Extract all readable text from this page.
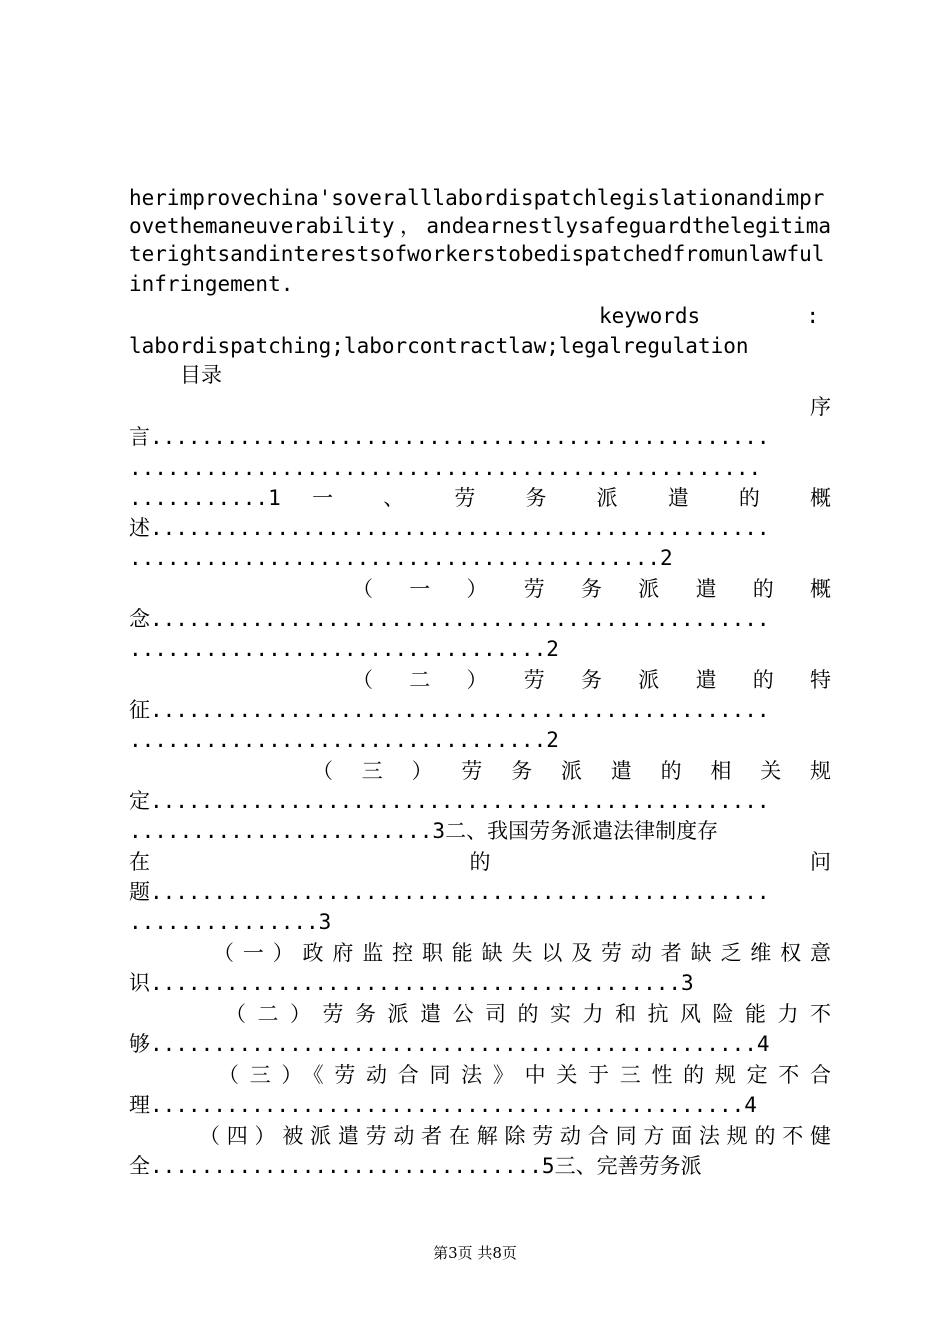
herimprovechina'soveralllabordispatchlegislationandimpr
ovethemaneuverability，andearnestlysafeguardthelegitima
terightsandinterestsofworkerstobedispatchedfromunlawful
infringement.
keywords	:
labordispatching;laborcontractlaw;legalregulation
目录
序
言.................................................
..................................................
...........1 一 、 劳 务 派 遣 的 概
述.................................................
..........................................2
（ 一 ） 劳 务 派 遣 的 概
念.................................................
.................................2
（ 二 ） 劳 务 派 遣 的 特
征.................................................
.................................2
（ 三 ） 劳 务 派 遣 的 相 关 规
定.................................................
........................3二、我国劳务派遣法律制度存
在 的 问
题.................................................
...............3
（一）政府监控职能缺失以及劳动者缺乏维权意
识..........................................3
（二）劳务派遣公司的实力和抗风险能力不
够................................................4
（三）《劳动合同法》中关于三性的规定不合
理...............................................4
（四）被派遣劳动者在解除劳动合同方面法规的不健
全...............................5三、完善劳务派
第3页 共8页
